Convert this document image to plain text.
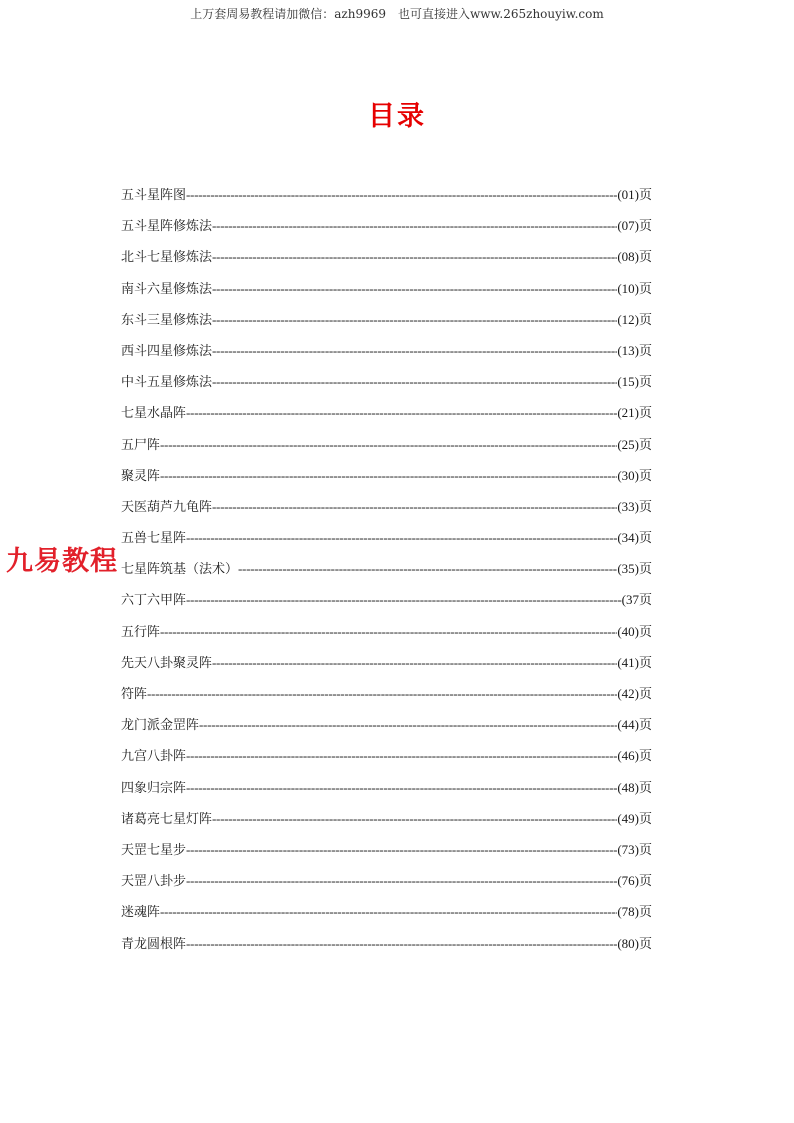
上万套周易教程请加微信：azh9969　也可直接进入www.265zhouyiw.com
目录
五斗星阵图 -----	(01) 页
五斗星阵修炼法 -----	(07) 页
北斗七星修炼法 -----	(08) 页
南斗六星修炼法 -----	(10) 页
东斗三星修炼法 -----	(12) 页
西斗四星修炼法 -----	(13) 页
中斗五星修炼法 -----	(15) 页
七星水晶阵 -----	(21) 页
五尸阵 -----	(25) 页
聚灵阵 -----	(30) 页
天医葫芦九龟阵 -----	(33) 页
五兽七星阵 -----	(34) 页
七星阵筑基（法术） -----	(35) 页
六丁六甲阵 -----	(37 页
五行阵 -----	(40) 页
先天八卦聚灵阵 -----	(41) 页
符阵 -----	(42) 页
龙门派金罡阵 -----	(44) 页
九宫八卦阵 -----	(46) 页
四象归宗阵 -----	(48) 页
诸葛亮七星灯阵 -----	(49) 页
天罡七星步 -----	(73) 页
天罡八卦步 -----	(76) 页
迷魂阵 -----	(78) 页
青龙圆根阵 -----	(80) 页
九易教程
